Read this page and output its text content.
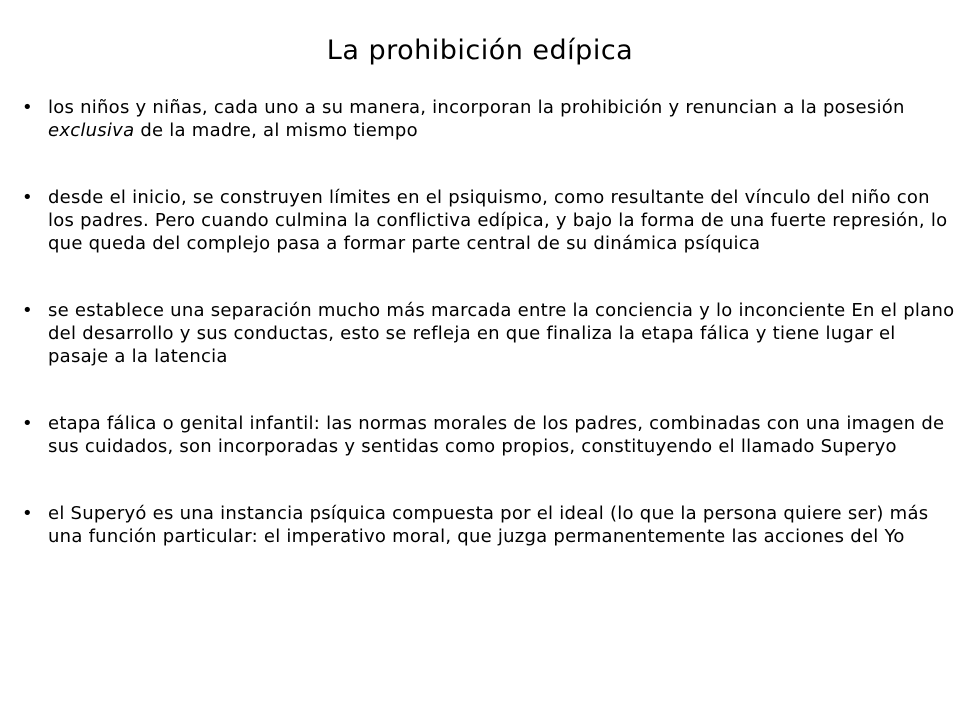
La prohibición edípica
• los niños y niñas, cada uno a su manera, incorporan la prohibición y renuncian a la posesión exclusiva de la madre, al mismo tiempo
• desde el inicio, se construyen límites en el psiquismo, como resultante del vínculo del niño con los padres. Pero cuando culmina la conflictiva edípica, y bajo la forma de una fuerte represión, lo que queda del complejo pasa a formar parte central de su dinámica psíquica
• se establece una separación mucho más marcada entre la conciencia y lo inconciente En el plano del desarrollo y sus conductas, esto se refleja en que finaliza la etapa fálica y tiene lugar el pasaje a la latencia
• etapa fálica o genital infantil: las normas morales de los padres, combinadas con una imagen de sus cuidados, son incorporadas y sentidas como propios, constituyendo el llamado Superyo
• el Superyó es una instancia psíquica compuesta por el ideal (lo que la persona quiere ser) más una función particular: el imperativo moral, que juzga permanentemente las acciones del Yo
